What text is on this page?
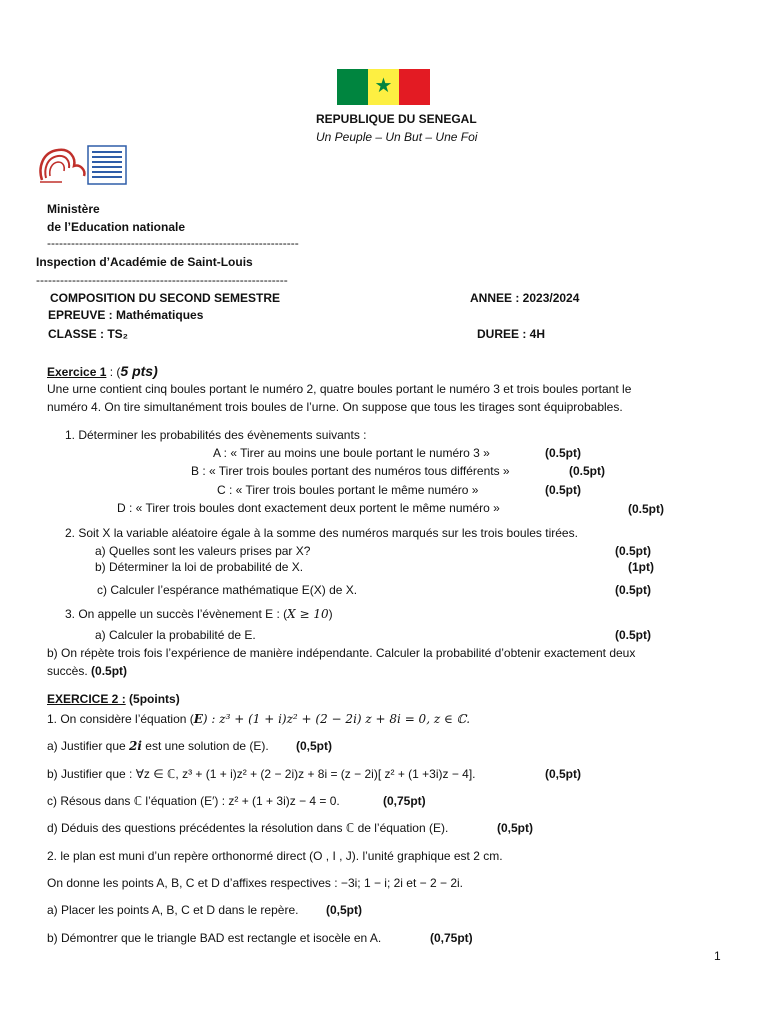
★
REPUBLIQUE DU SENEGAL
Un Peuple – Un But – Une Foi
Ministère
de l’Education nationale
---------------------------------------------------------------
Inspection d’Académie de Saint-Louis
---------------------------------------------------------------
COMPOSITION DU SECOND SEMESTRE	ANNEE : 2023/2024
EPREUVE : Mathématiques
CLASSE : TS₂	DUREE : 4H
Exercice 1 : (5 pts)
Une urne contient cinq boules portant le numéro 2, quatre boules portant le numéro 3 et trois boules portant le
numéro 4. On tire simultanément trois boules de l’urne. On suppose que tous les tirages sont équiprobables.
1. Déterminer les probabilités des évènements suivants :
A : « Tirer au moins une boule portant le numéro 3 »	(0.5pt)
B : « Tirer trois boules portant des numéros tous différents »	(0.5pt)
C : « Tirer trois boules portant le même numéro »	(0.5pt)
D : « Tirer trois boules dont exactement deux portent le même numéro »	(0.5pt)
2. Soit X la variable aléatoire égale à la somme des numéros marqués sur les trois boules tirées.
a) Quelles sont les valeurs prises par X?	(0.5pt)
b) Déterminer la loi de probabilité de X.	(1pt)
c) Calculer l’espérance mathématique E(X) de X.	(0.5pt)
3. On appelle un succès l’évènement E : (X ≥ 10)
a) Calculer la probabilité de E.	(0.5pt)
b) On répète trois fois l’expérience de manière indépendante. Calculer la probabilité d’obtenir exactement deux
succès. (0.5pt)
EXERCICE 2 : (5points)
1. On considère l’équation (E) : z³ + (1 + i)z² + (2 − 2i) z + 8i = 0, z ∈ ℂ.
a) Justifier que 2i est une solution de (E). (0,5pt)
b) Justifier que : ∀z ∈ ℂ, z³ + (1 + i)z² + (2 − 2i)z + 8i = (z − 2i)[ z² + (1 +3i)z − 4].	(0,5pt)
c) Résous dans ℂ l’équation (E′) : z² + (1 + 3i)z − 4 = 0.	(0,75pt)
d) Déduis des questions précédentes la résolution dans ℂ de l’équation (E).	(0,5pt)
2. le plan est muni d’un repère orthonormé direct (O , I , J). l’unité graphique est 2 cm.
On donne les points A, B, C et D d’affixes respectives : −3i; 1 − i; 2i et − 2 − 2i.
a) Placer les points A, B, C et D dans le repère. (0,5pt)
b) Démontrer que le triangle BAD est rectangle et isocèle en A.	(0,75pt)
1
